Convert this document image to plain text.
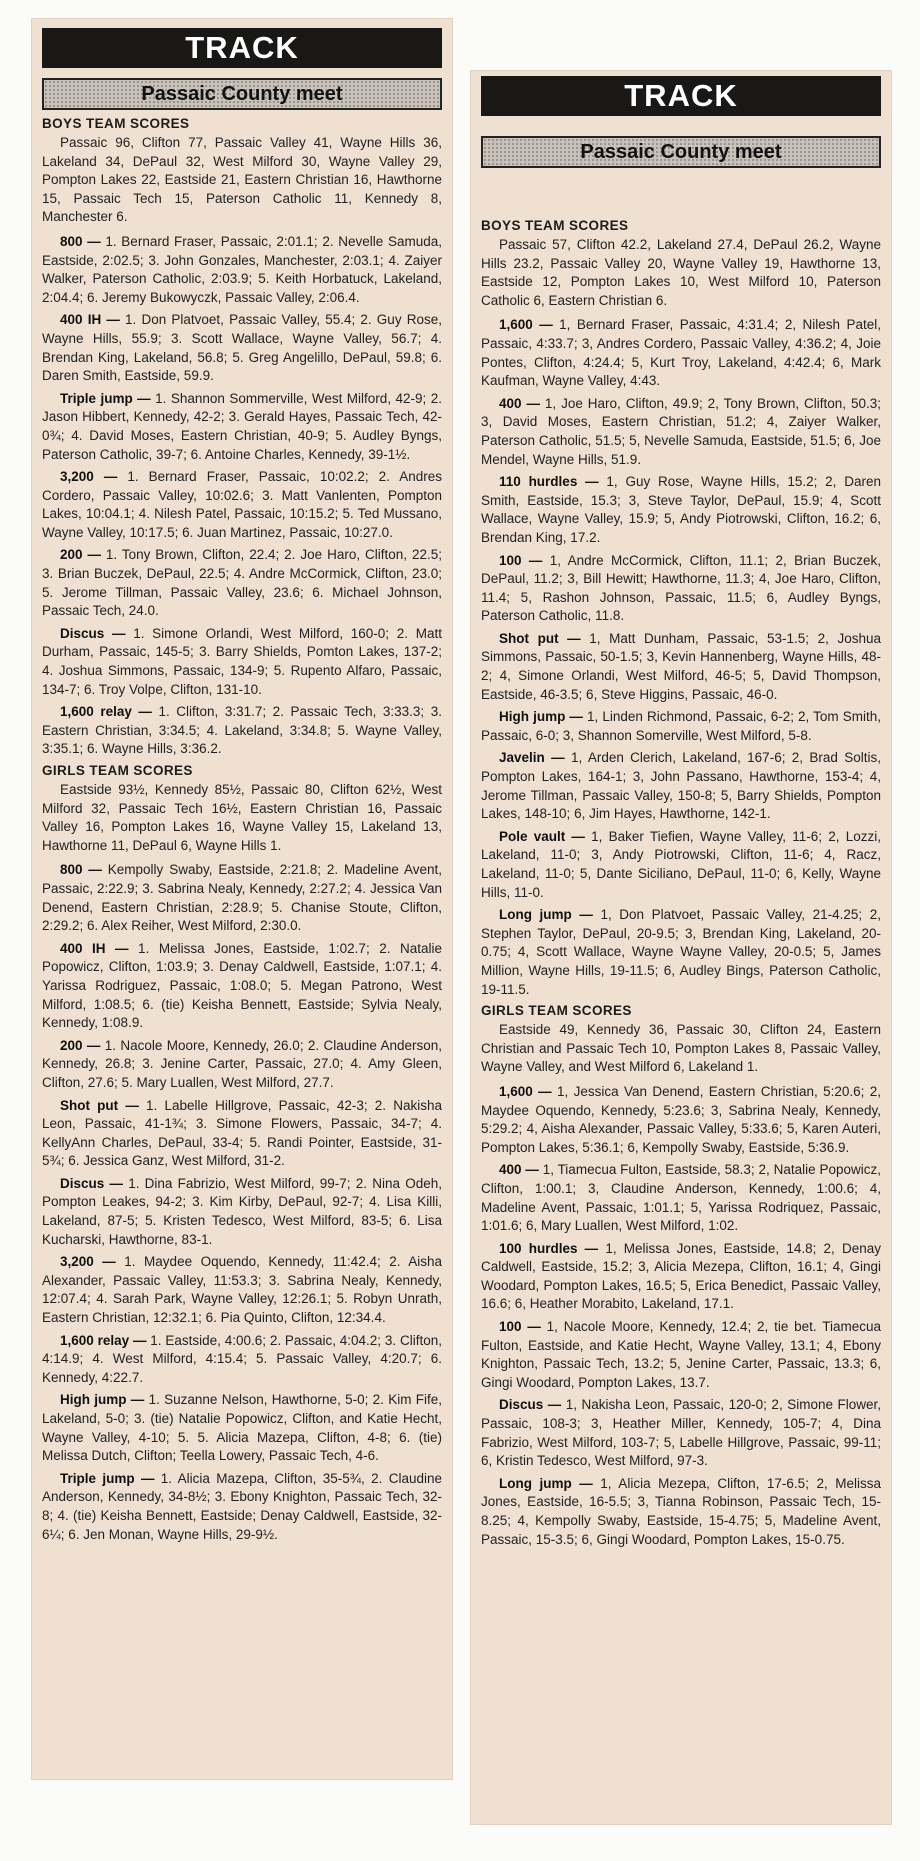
TRACK
Passaic County meet
BOYS TEAM SCORES

Passaic 96, Clifton 77, Passaic Valley 41, Wayne Hills 36, Lakeland 34, DePaul 32, West Milford 30, Wayne Valley 29, Pompton Lakes 22, Eastside 21, Eastern Christian 16, Hawthorne 15, Passaic Tech 15, Paterson Catholic 11, Kennedy 8, Manchester 6.

800 — 1. Bernard Fraser, Passaic, 2:01.1; 2. Nevelle Samuda, Eastside, 2:02.5; 3. John Gonzales, Manchester, 2:03.1; 4. Zaiyer Walker, Paterson Catholic, 2:03.9; 5. Keith Horbatuck, Lakeland, 2:04.4; 6. Jeremy Bukowyczk, Passaic Valley, 2:06.4.

400 IH — 1. Don Platvoet, Passaic Valley, 55.4; 2. Guy Rose, Wayne Hills, 55.9; 3. Scott Wallace, Wayne Valley, 56.7; 4. Brendan King, Lakeland, 56.8; 5. Greg Angelillo, DePaul, 59.8; 6. Daren Smith, Eastside, 59.9.

Triple jump — 1. Shannon Sommerville, West Milford, 42-9; 2. Jason Hibbert, Kennedy, 42-2; 3. Gerald Hayes, Passaic Tech, 42-0¾; 4. David Moses, Eastern Christian, 40-9; 5. Audley Byngs, Paterson Catholic, 39-7; 6. Antoine Charles, Kennedy, 39-1½.

3,200 — 1. Bernard Fraser, Passaic, 10:02.2; 2. Andres Cordero, Passaic Valley, 10:02.6; 3. Matt Vanlenten, Pompton Lakes, 10:04.1; 4. Nilesh Patel, Passaic, 10:15.2; 5. Ted Mussano, Wayne Valley, 10:17.5; 6. Juan Martinez, Passaic, 10:27.0.

200 — 1. Tony Brown, Clifton, 22.4; 2. Joe Haro, Clifton, 22.5; 3. Brian Buczek, DePaul, 22.5; 4. Andre McCormick, Clifton, 23.0; 5. Jerome Tillman, Passaic Valley, 23.6; 6. Michael Johnson, Passaic Tech, 24.0.

Discus — 1. Simone Orlandi, West Milford, 160-0; 2. Matt Durham, Passaic, 145-5; 3. Barry Shields, Pomton Lakes, 137-2; 4. Joshua Simmons, Passaic, 134-9; 5. Rupento Alfaro, Passaic, 134-7; 6. Troy Volpe, Clifton, 131-10.

1,600 relay — 1. Clifton, 3:31.7; 2. Passaic Tech, 3:33.3; 3. Eastern Christian, 3:34.5; 4. Lakeland, 3:34.8; 5. Wayne Valley, 3:35.1; 6. Wayne Hills, 3:36.2.

GIRLS TEAM SCORES

Eastside 93½, Kennedy 85½, Passaic 80, Clifton 62½, West Milford 32, Passaic Tech 16½, Eastern Christian 16, Passaic Valley 16, Pompton Lakes 16, Wayne Valley 15, Lakeland 13, Hawthorne 11, DePaul 6, Wayne Hills 1.

800 — Kempolly Swaby, Eastside, 2:21.8; 2. Madeline Avent, Passaic, 2:22.9; 3. Sabrina Nealy, Kennedy, 2:27.2; 4. Jessica Van Denend, Eastern Christian, 2:28.9; 5. Chanise Stoute, Clifton, 2:29.2; 6. Alex Reiher, West Milford, 2:30.0.

400 IH — 1. Melissa Jones, Eastside, 1:02.7; 2. Natalie Popowicz, Clifton, 1:03.9; 3. Denay Caldwell, Eastside, 1:07.1; 4. Yarissa Rodriguez, Passaic, 1:08.0; 5. Megan Patrono, West Milford, 1:08.5; 6. (tie) Keisha Bennett, Eastside; Sylvia Nealy, Kennedy, 1:08.9.

200 — 1. Nacole Moore, Kennedy, 26.0; 2. Claudine Anderson, Kennedy, 26.8; 3. Jenine Carter, Passaic, 27.0; 4. Amy Gleen, Clifton, 27.6; 5. Mary Luallen, West Milford, 27.7.

Shot put — 1. Labelle Hillgrove, Passaic, 42-3; 2. Nakisha Leon, Passaic, 41-1¾; 3. Simone Flowers, Passaic, 34-7; 4. KellyAnn Charles, DePaul, 33-4; 5. Randi Pointer, Eastside, 31-5¾; 6. Jessica Ganz, West Milford, 31-2.

Discus — 1. Dina Fabrizio, West Milford, 99-7; 2. Nina Odeh, Pompton Leakes, 94-2; 3. Kim Kirby, DePaul, 92-7; 4. Lisa Killi, Lakeland, 87-5; 5. Kristen Tedesco, West Milford, 83-5; 6. Lisa Kucharski, Hawthorne, 83-1.

3,200 — 1. Maydee Oquendo, Kennedy, 11:42.4; 2. Aisha Alexander, Passaic Valley, 11:53.3; 3. Sabrina Nealy, Kennedy, 12:07.4; 4. Sarah Park, Wayne Valley, 12:26.1; 5. Robyn Unrath, Eastern Christian, 12:32.1; 6. Pia Quinto, Clifton, 12:34.4.

1,600 relay — 1. Eastside, 4:00.6; 2. Passaic, 4:04.2; 3. Clifton, 4:14.9; 4. West Milford, 4:15.4; 5. Passaic Valley, 4:20.7; 6. Kennedy, 4:22.7.

High jump — 1. Suzanne Nelson, Hawthorne, 5-0; 2. Kim Fife, Lakeland, 5-0; 3. (tie) Natalie Popowicz, Clifton, and Katie Hecht, Wayne Valley, 4-10; 5. 5. Alicia Mazepa, Clifton, 4-8; 6. (tie) Melissa Dutch, Clifton; Teella Lowery, Passaic Tech, 4-6.

Triple jump — 1. Alicia Mazepa, Clifton, 35-5¾, 2. Claudine Anderson, Kennedy, 34-8½; 3. Ebony Knighton, Passaic Tech, 32-8; 4. (tie) Keisha Bennett, Eastside; Denay Caldwell, Eastside, 32-6¼; 6. Jen Monan, Wayne Hills, 29-9½.

TRACK
Passaic County meet
BOYS TEAM SCORES

Passaic 57, Clifton 42.2, Lakeland 27.4, DePaul 26.2, Wayne Hills 23.2, Passaic Valley 20, Wayne Valley 19, Hawthorne 13, Eastside 12, Pompton Lakes 10, West Milford 10, Paterson Catholic 6, Eastern Christian 6.

1,600 — 1, Bernard Fraser, Passaic, 4:31.4; 2, Nilesh Patel, Passaic, 4:33.7; 3, Andres Cordero, Passaic Valley, 4:36.2; 4, Joie Pontes, Clifton, 4:24.4; 5, Kurt Troy, Lakeland, 4:42.4; 6, Mark Kaufman, Wayne Valley, 4:43.

400 — 1, Joe Haro, Clifton, 49.9; 2, Tony Brown, Clifton, 50.3; 3, David Moses, Eastern Christian, 51.2; 4, Zaiyer Walker, Paterson Catholic, 51.5; 5, Nevelle Samuda, Eastside, 51.5; 6, Joe Mendel, Wayne Hills, 51.9.

110 hurdles — 1, Guy Rose, Wayne Hills, 15.2; 2, Daren Smith, Eastside, 15.3; 3, Steve Taylor, DePaul, 15.9; 4, Scott Wallace, Wayne Valley, 15.9; 5, Andy Piotrowski, Clifton, 16.2; 6, Brendan King, 17.2.

100 — 1, Andre McCormick, Clifton, 11.1; 2, Brian Buczek, DePaul, 11.2; 3, Bill Hewitt; Hawthorne, 11.3; 4, Joe Haro, Clifton, 11.4; 5, Rashon Johnson, Passaic, 11.5; 6, Audley Byngs, Paterson Catholic, 11.8.

Shot put — 1, Matt Dunham, Passaic, 53-1.5; 2, Joshua Simmons, Passaic, 50-1.5; 3, Kevin Hannenberg, Wayne Hills, 48-2; 4, Simone Orlandi, West Milford, 46-5; 5, David Thompson, Eastside, 46-3.5; 6, Steve Higgins, Passaic, 46-0.

High jump — 1, Linden Richmond, Passaic, 6-2; 2, Tom Smith, Passaic, 6-0; 3, Shannon Somerville, West Milford, 5-8.

Javelin — 1, Arden Clerich, Lakeland, 167-6; 2, Brad Soltis, Pompton Lakes, 164-1; 3, John Passano, Hawthorne, 153-4; 4, Jerome Tillman, Passaic Valley, 150-8; 5, Barry Shields, Pompton Lakes, 148-10; 6, Jim Hayes, Hawthorne, 142-1.

Pole vault — 1, Baker Tiefien, Wayne Valley, 11-6; 2, Lozzi, Lakeland, 11-0; 3, Andy Piotrowski, Clifton, 11-6; 4, Racz, Lakeland, 11-0; 5, Dante Siciliano, DePaul, 11-0; 6, Kelly, Wayne Hills, 11-0.

Long jump — 1, Don Platvoet, Passaic Valley, 21-4.25; 2, Stephen Taylor, DePaul, 20-9.5; 3, Brendan King, Lakeland, 20-0.75; 4, Scott Wallace, Wayne Wayne Valley, 20-0.5; 5, James Million, Wayne Hills, 19-11.5; 6, Audley Bings, Paterson Catholic, 19-11.5.

GIRLS TEAM SCORES

Eastside 49, Kennedy 36, Passaic 30, Clifton 24, Eastern Christian and Passaic Tech 10, Pompton Lakes 8, Passaic Valley, Wayne Valley, and West Milford 6, Lakeland 1.

1,600 — 1, Jessica Van Denend, Eastern Christian, 5:20.6; 2, Maydee Oquendo, Kennedy, 5:23.6; 3, Sabrina Nealy, Kennedy, 5:29.2; 4, Aisha Alexander, Passaic Valley, 5:33.6; 5, Karen Auteri, Pompton Lakes, 5:36.1; 6, Kempolly Swaby, Eastside, 5:36.9.

400 — 1, Tiamecua Fulton, Eastside, 58.3; 2, Natalie Popowicz, Clifton, 1:00.1; 3, Claudine Anderson, Kennedy, 1:00.6; 4, Madeline Avent, Passaic, 1:01.1; 5, Yarissa Rodriquez, Passaic, 1:01.6; 6, Mary Luallen, West Milford, 1:02.

100 hurdles — 1, Melissa Jones, Eastside, 14.8; 2, Denay Caldwell, Eastside, 15.2; 3, Alicia Mezepa, Clifton, 16.1; 4, Gingi Woodard, Pompton Lakes, 16.5; 5, Erica Benedict, Passaic Valley, 16.6; 6, Heather Morabito, Lakeland, 17.1.

100 — 1, Nacole Moore, Kennedy, 12.4; 2, tie bet. Tiamecua Fulton, Eastside, and Katie Hecht, Wayne Valley, 13.1; 4, Ebony Knighton, Passaic Tech, 13.2; 5, Jenine Carter, Passaic, 13.3; 6, Gingi Woodard, Pompton Lakes, 13.7.

Discus — 1, Nakisha Leon, Passaic, 120-0; 2, Simone Flower, Passaic, 108-3; 3, Heather Miller, Kennedy, 105-7; 4, Dina Fabrizio, West Milford, 103-7; 5, Labelle Hillgrove, Passaic, 99-11; 6, Kristin Tedesco, West Milford, 97-3.

Long jump — 1, Alicia Mezepa, Clifton, 17-6.5; 2, Melissa Jones, Eastside, 16-5.5; 3, Tianna Robinson, Passaic Tech, 15-8.25; 4, Kempolly Swaby, Eastside, 15-4.75; 5, Madeline Avent, Passaic, 15-3.5; 6, Gingi Woodard, Pompton Lakes, 15-0.75.
